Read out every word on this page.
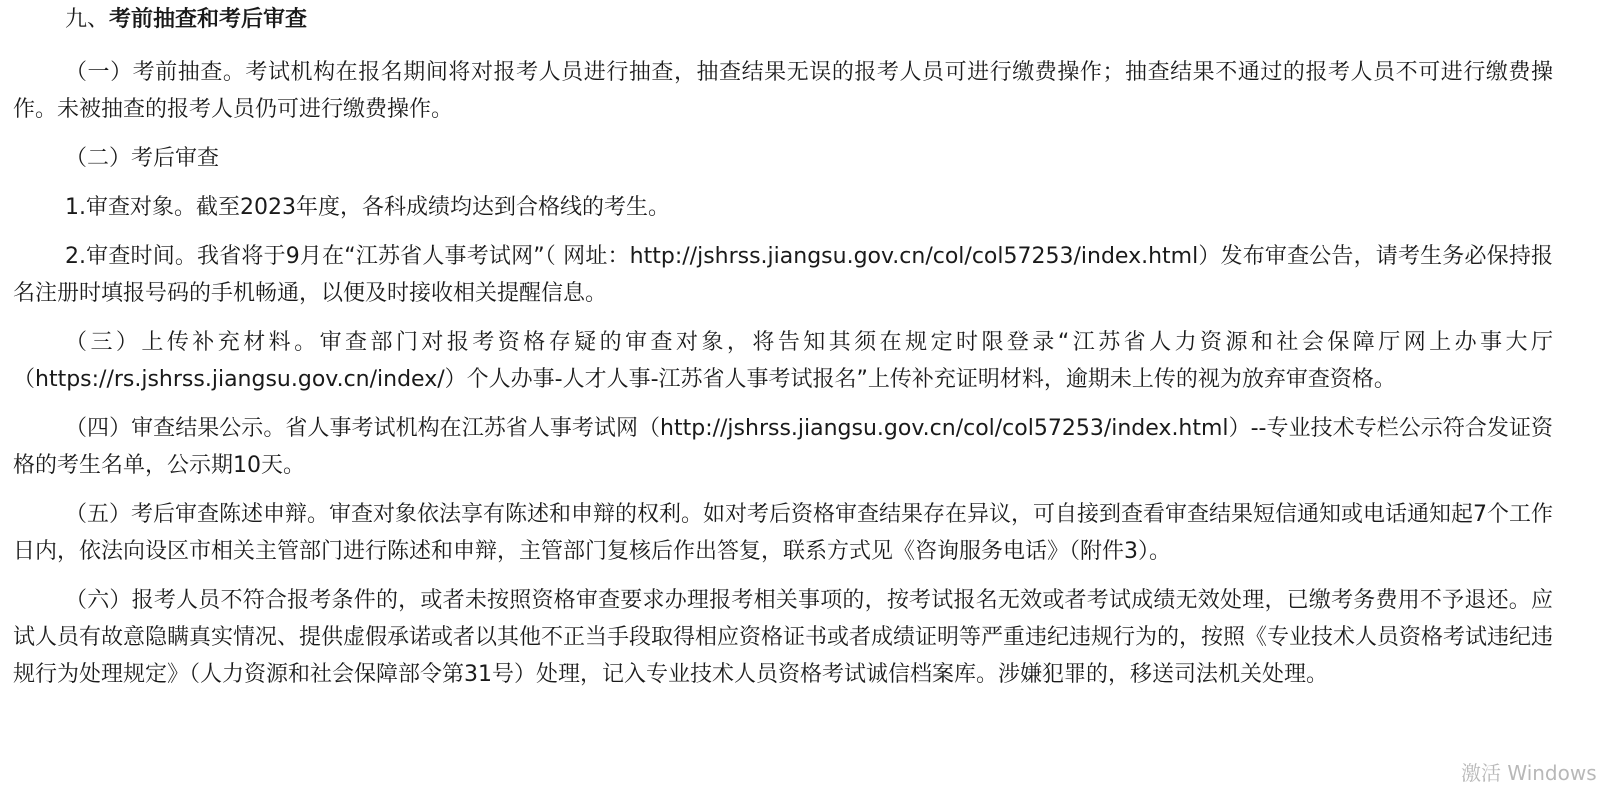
九、考前抽查和考后审查

（一）考前抽查。考试机构在报名期间将对报考人员进行抽查，抽查结果无误的报考人员可进行缴费操作；抽查结果不通过的报考人员不可进行缴费操作。未被抽查的报考人员仍可进行缴费操作。

（二）考后审查

1.审查对象。截至2023年度，各科成绩均达到合格线的考生。

2.审查时间。我省将于9月在“江苏省人事考试网”（ 网址：http://jshrss.jiangsu.gov.cn/col/col57253/index.html）发布审查公告，请考生务必保持报名注册时填报号码的手机畅通，以便及时接收相关提醒信息。

（三）上传补充材料。审查部门对报考资格存疑的审查对象，将告知其须在规定时限登录“江苏省人力资源和社会保障厅网上办事大厅（https://rs.jshrss.jiangsu.gov.cn/index/）个人办事-人才人事-江苏省人事考试报名”上传补充证明材料，逾期未上传的视为放弃审查资格。

（四）审查结果公示。省人事考试机构在江苏省人事考试网（http://jshrss.jiangsu.gov.cn/col/col57253/index.html）--专业技术专栏公示符合发证资格的考生名单，公示期10天。

（五）考后审查陈述申辩。审查对象依法享有陈述和申辩的权利。如对考后资格审查结果存在异议，可自接到查看审查结果短信通知或电话通知起7个工作日内，依法向设区市相关主管部门进行陈述和申辩，主管部门复核后作出答复，联系方式见《咨询服务电话》（附件3）。

（六）报考人员不符合报考条件的，或者未按照资格审查要求办理报考相关事项的，按考试报名无效或者考试成绩无效处理，已缴考务费用不予退还。应试人员有故意隐瞒真实情况、提供虚假承诺或者以其他不正当手段取得相应资格证书或者成绩证明等严重违纪违规行为的，按照《专业技术人员资格考试违纪违规行为处理规定》（人力资源和社会保障部令第31号）处理，记入专业技术人员资格考试诚信档案库。涉嫌犯罪的，移送司法机关处理。

激活 Windows
